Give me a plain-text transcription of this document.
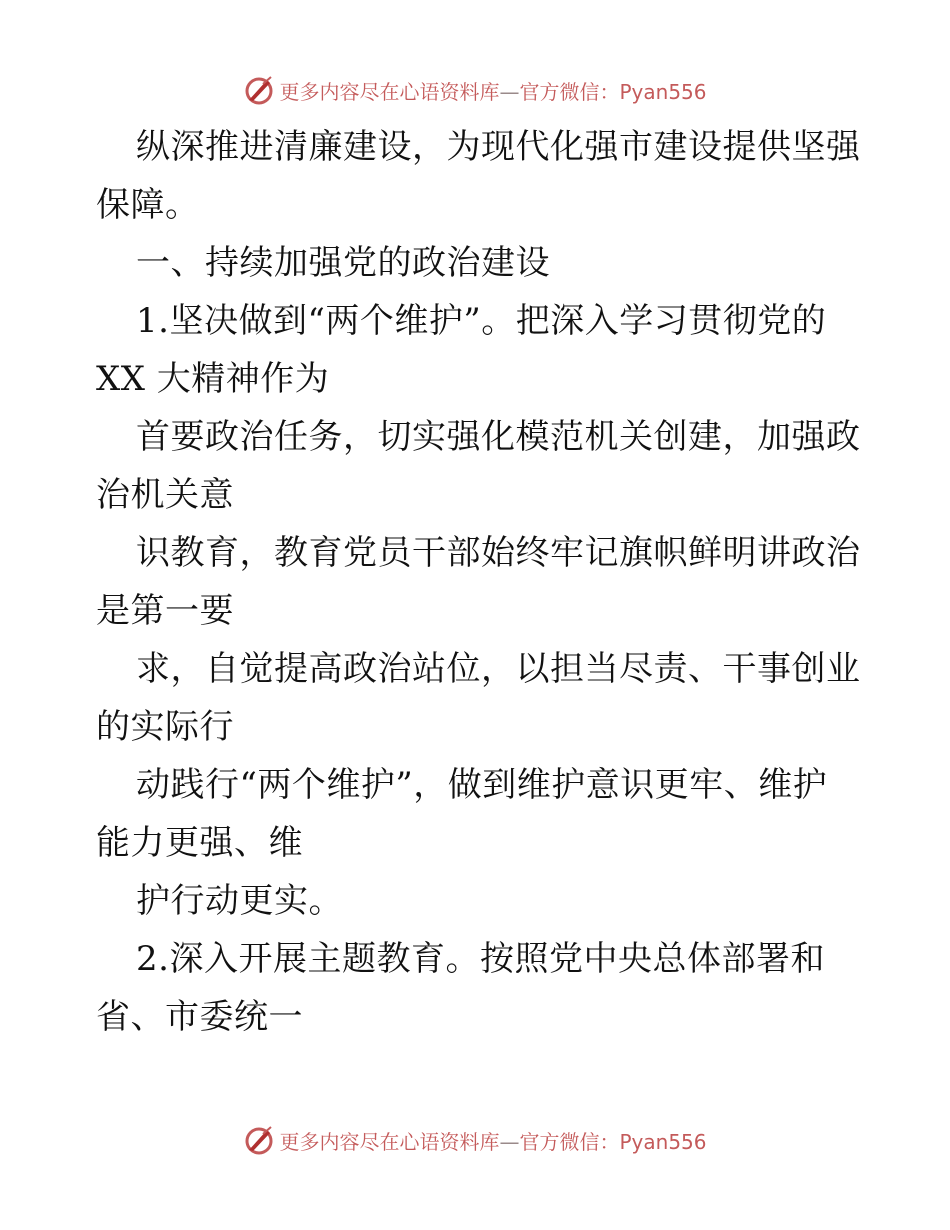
更多内容尽在心语资料库—官方微信：Pyan556
纵深推进清廉建设，为现代化强市建设提供坚强
保障。
一、持续加强党的政治建设
1.坚决做到“两个维护”。把深入学习贯彻党的
XX 大精神作为
首要政治任务，切实强化模范机关创建，加强政
治机关意
识教育，教育党员干部始终牢记旗帜鲜明讲政治
是第一要
求，自觉提高政治站位，以担当尽责、干事创业
的实际行
动践行“两个维护”，做到维护意识更牢、维护
能力更强、维
护行动更实。
2.深入开展主题教育。按照党中央总体部署和
省、市委统一
更多内容尽在心语资料库—官方微信：Pyan556
